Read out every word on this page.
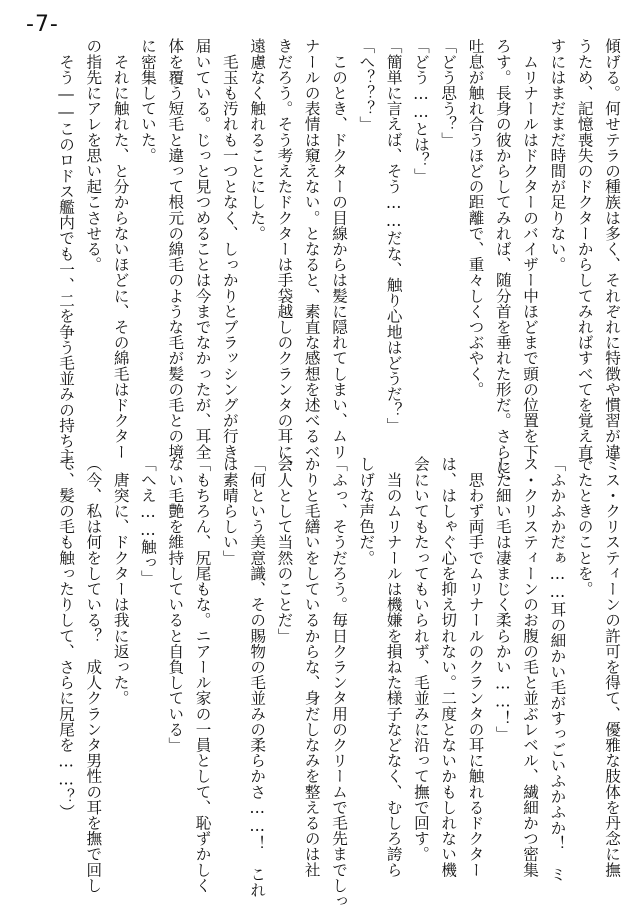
-7-

傾げる。何せテラの種族は多く、それぞれに特徴や慣習が違
うため、記憶喪失のドクターからしてみればすべてを覚え直
すにはまだまだ時間が足りない。
　ムリナールはドクターのバイザー中ほどまで頭の位置を下
ろす。長身の彼からしてみれば、随分首を垂れた形だ。さらに、
吐息が触れ合うほどの距離で、重々しくつぶやく。
「どう思う？」
「どう……とは？」
「簡単に言えば、そう……だな、触り心地はどうだ？」
「へ？？？」
　このとき、ドクターの目線からは髪に隠れてしまい、ムリ
ナールの表情は窺えない。となると、素直な感想を述べるべ
きだろう。そう考えたドクターは手袋越しのクランタの耳に、
遠慮なく触れることにした。
　毛玉も汚れも一つとなく、しっかりとブラッシングが行き
届いている。じっと見つめることは今までなかったが、耳全
体を覆う短毛と違って根元の綿毛のような毛が髪の毛との境
に密集していた。
　それに触れた、と分からないほどに、その綿毛はドクター
の指先にアレを思い起こさせる。
　そう――このロドス艦内でも一、二を争う毛並みの持ち主、
ミス・クリスティーンの許可を得て、優雅な肢体を丹念に撫
でたときのことを。
「ふかふかだぁ……耳の細かい毛がすっごいふかふか！　ミ
ス・クリスティーンのお腹の毛と並ぶレベル、繊細かつ密集
した細い毛は凄まじく柔らかい……！」
　思わず両手でムリナールのクランタの耳に触れるドクター
は、はしゃぐ心を抑え切れない。二度とないかもしれない機
会にいてもたってもいられず、毛並みに沿って撫で回す。
　当のムリナールは機嫌を損ねた様子などなく、むしろ誇ら
しげな声色だ。
「ふっ、そうだろう。毎日クランタ用のクリームで毛先までしっ
かりと毛繕いをしているからな、身だしなみを整えるのは社
会人として当然のことだ」
「何という美意識、その賜物の毛並みの柔らかさ……！　これ
は素晴らしい」
「もちろん、尻尾もな。ニアール家の一員として、恥ずかしく
ない毛艶を維持していると自負している」
「へえ……触っ」
　唐突に、ドクターは我に返った。
（今、私は何をしている？　成人クランタ男性の耳を撫で回し
て、髪の毛も触ったりして、さらに尻尾を……？）
